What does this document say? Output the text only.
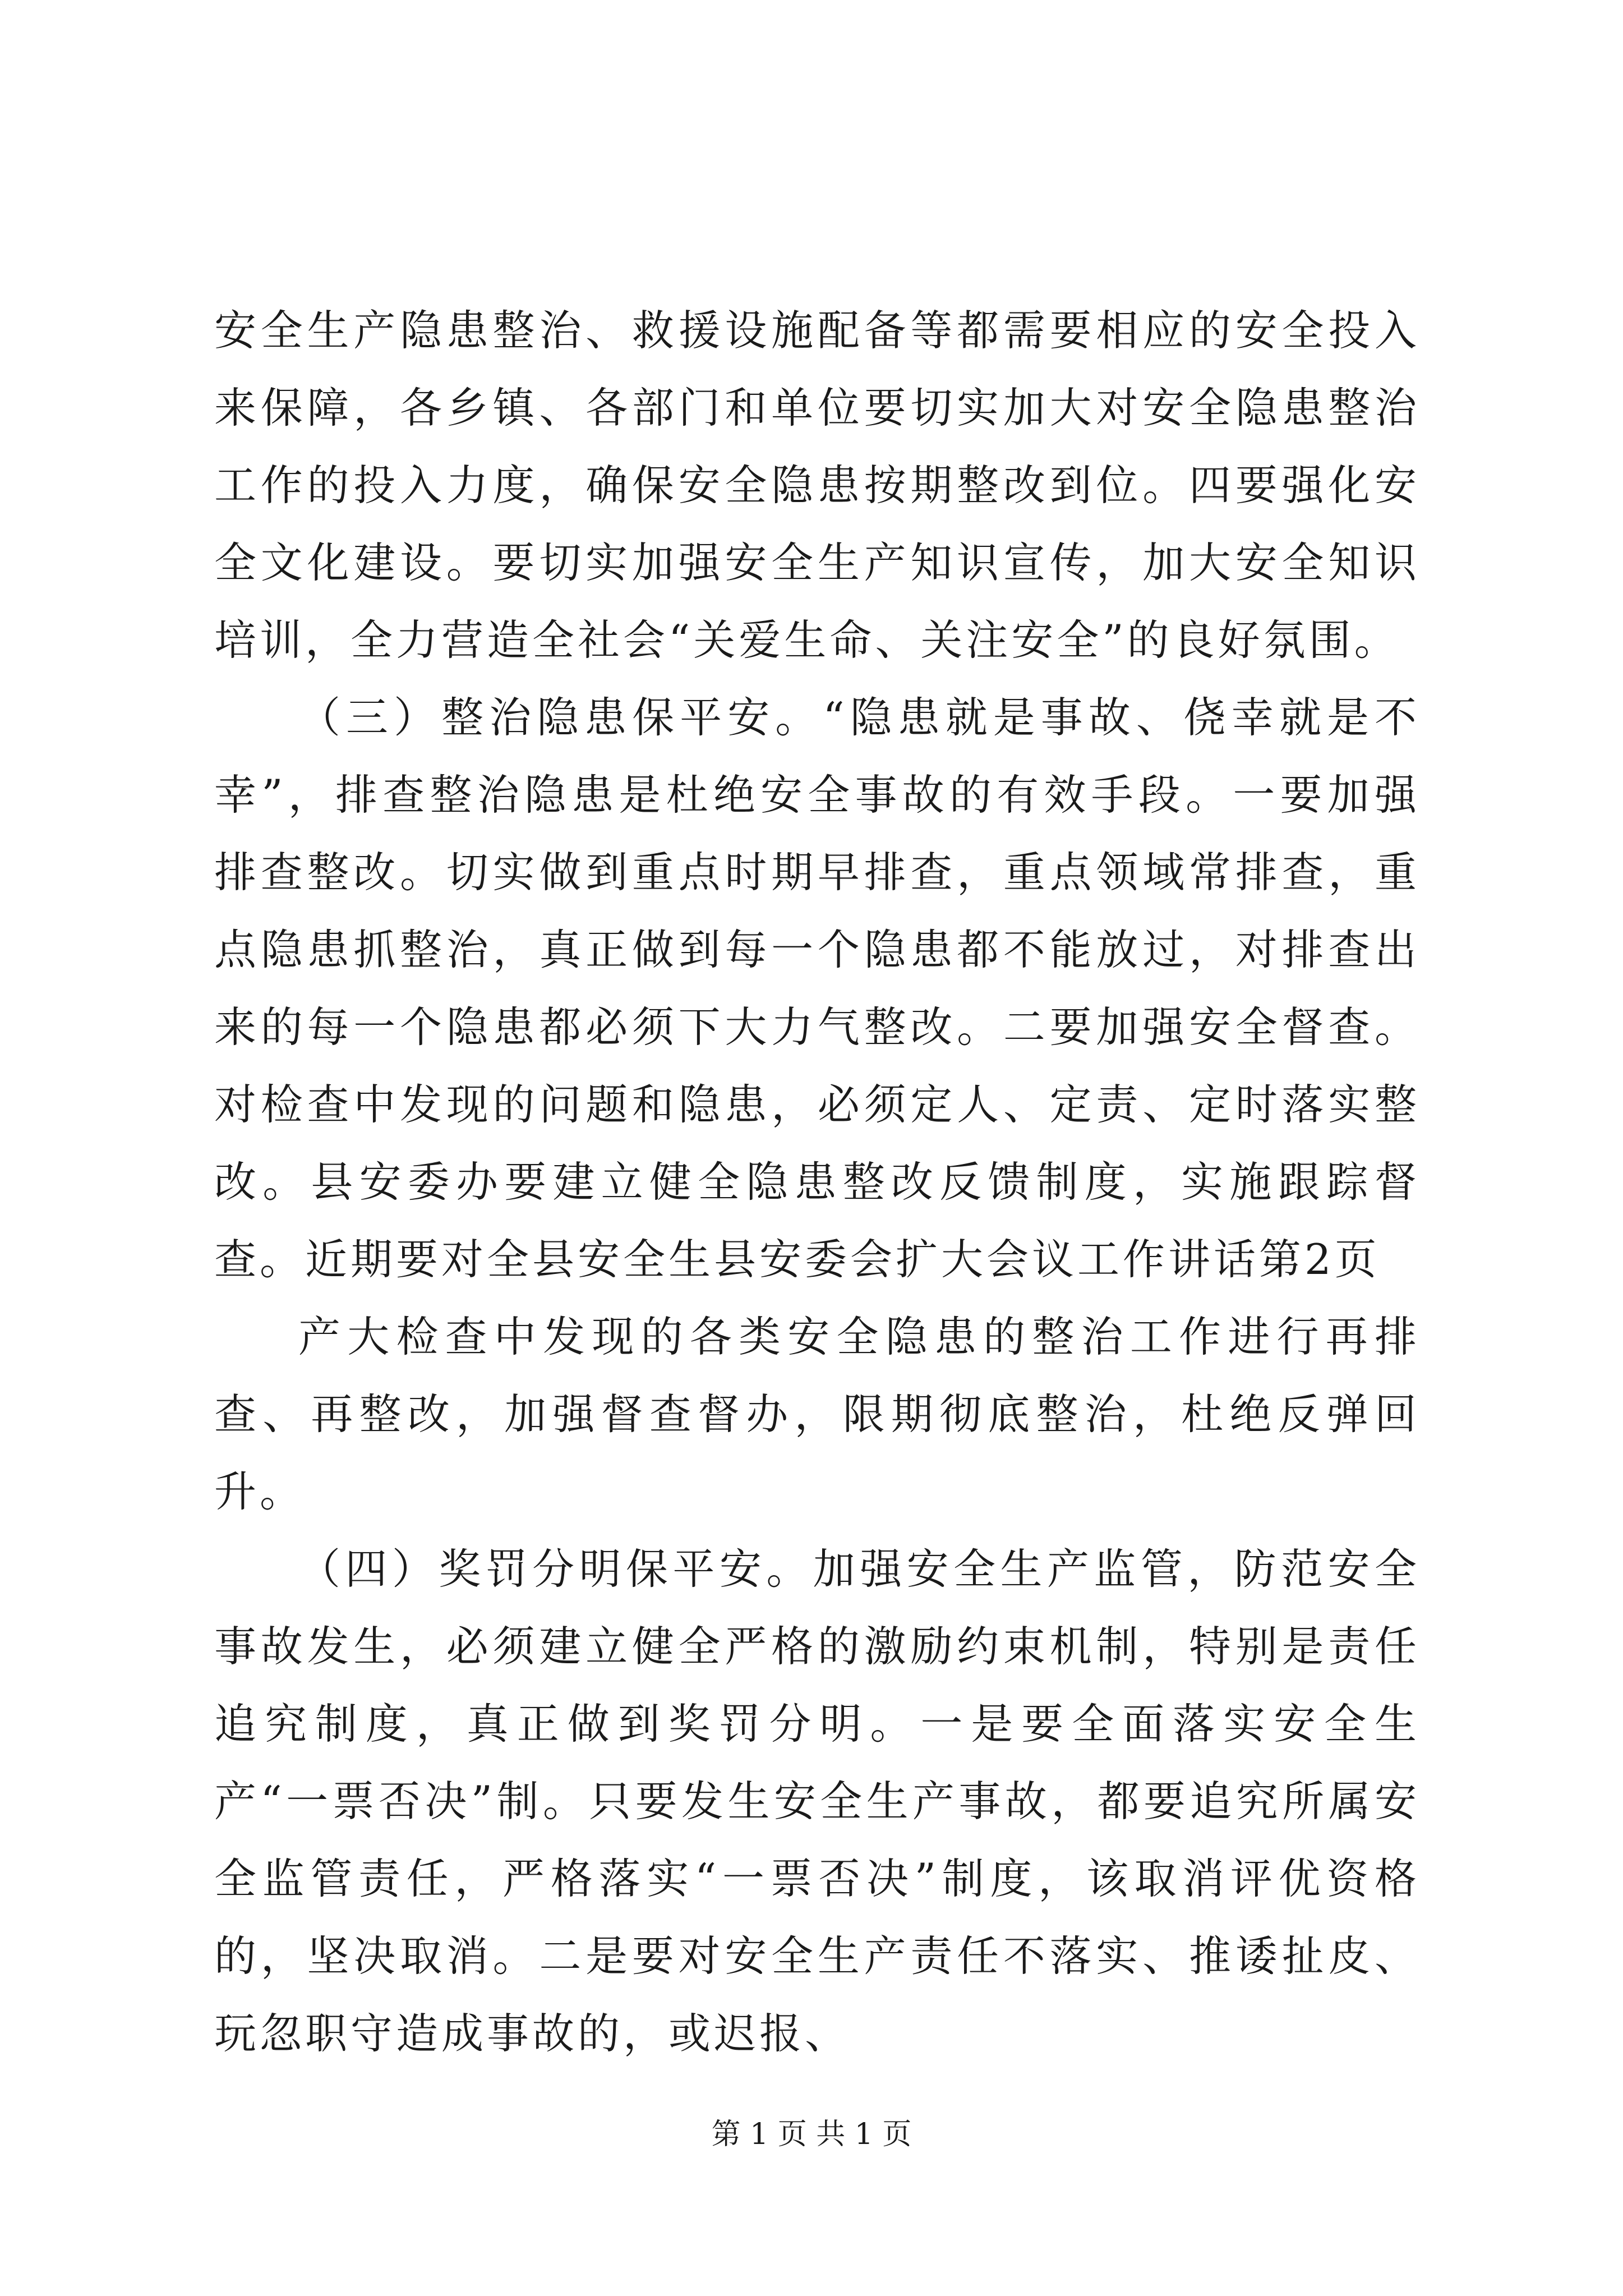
安全生产隐患整治、救援设施配备等都需要相应的安全投入来保障，各乡镇、各部门和单位要切实加大对安全隐患整治工作的投入力度，确保安全隐患按期整改到位。四要强化安全文化建设。要切实加强安全生产知识宣传，加大安全知识培训，全力营造全社会“关爱生命、关注安全”的良好氛围。

（三）整治隐患保平安。“隐患就是事故、侥幸就是不幸”，排查整治隐患是杜绝安全事故的有效手段。一要加强排查整改。切实做到重点时期早排查，重点领域常排查，重点隐患抓整治，真正做到每一个隐患都不能放过，对排查出来的每一个隐患都必须下大力气整改。二要加强安全督查。对检查中发现的问题和隐患，必须定人、定责、定时落实整改。县安委办要建立健全隐患整改反馈制度，实施跟踪督查。近期要对全县安全生县安委会扩大会议工作讲话第2页

产大检查中发现的各类安全隐患的整治工作进行再排查、再整改，加强督查督办，限期彻底整治，杜绝反弹回升。

（四）奖罚分明保平安。加强安全生产监管，防范安全事故发生，必须建立健全严格的激励约束机制，特别是责任追究制度，真正做到奖罚分明。一是要全面落实安全生产“一票否决”制。只要发生安全生产事故，都要追究所属安全监管责任，严格落实“一票否决”制度，该取消评优资格的，坚决取消。二是要对安全生产责任不落实、推诿扯皮、玩忽职守造成事故的，或迟报、

第 1 页 共 1 页
